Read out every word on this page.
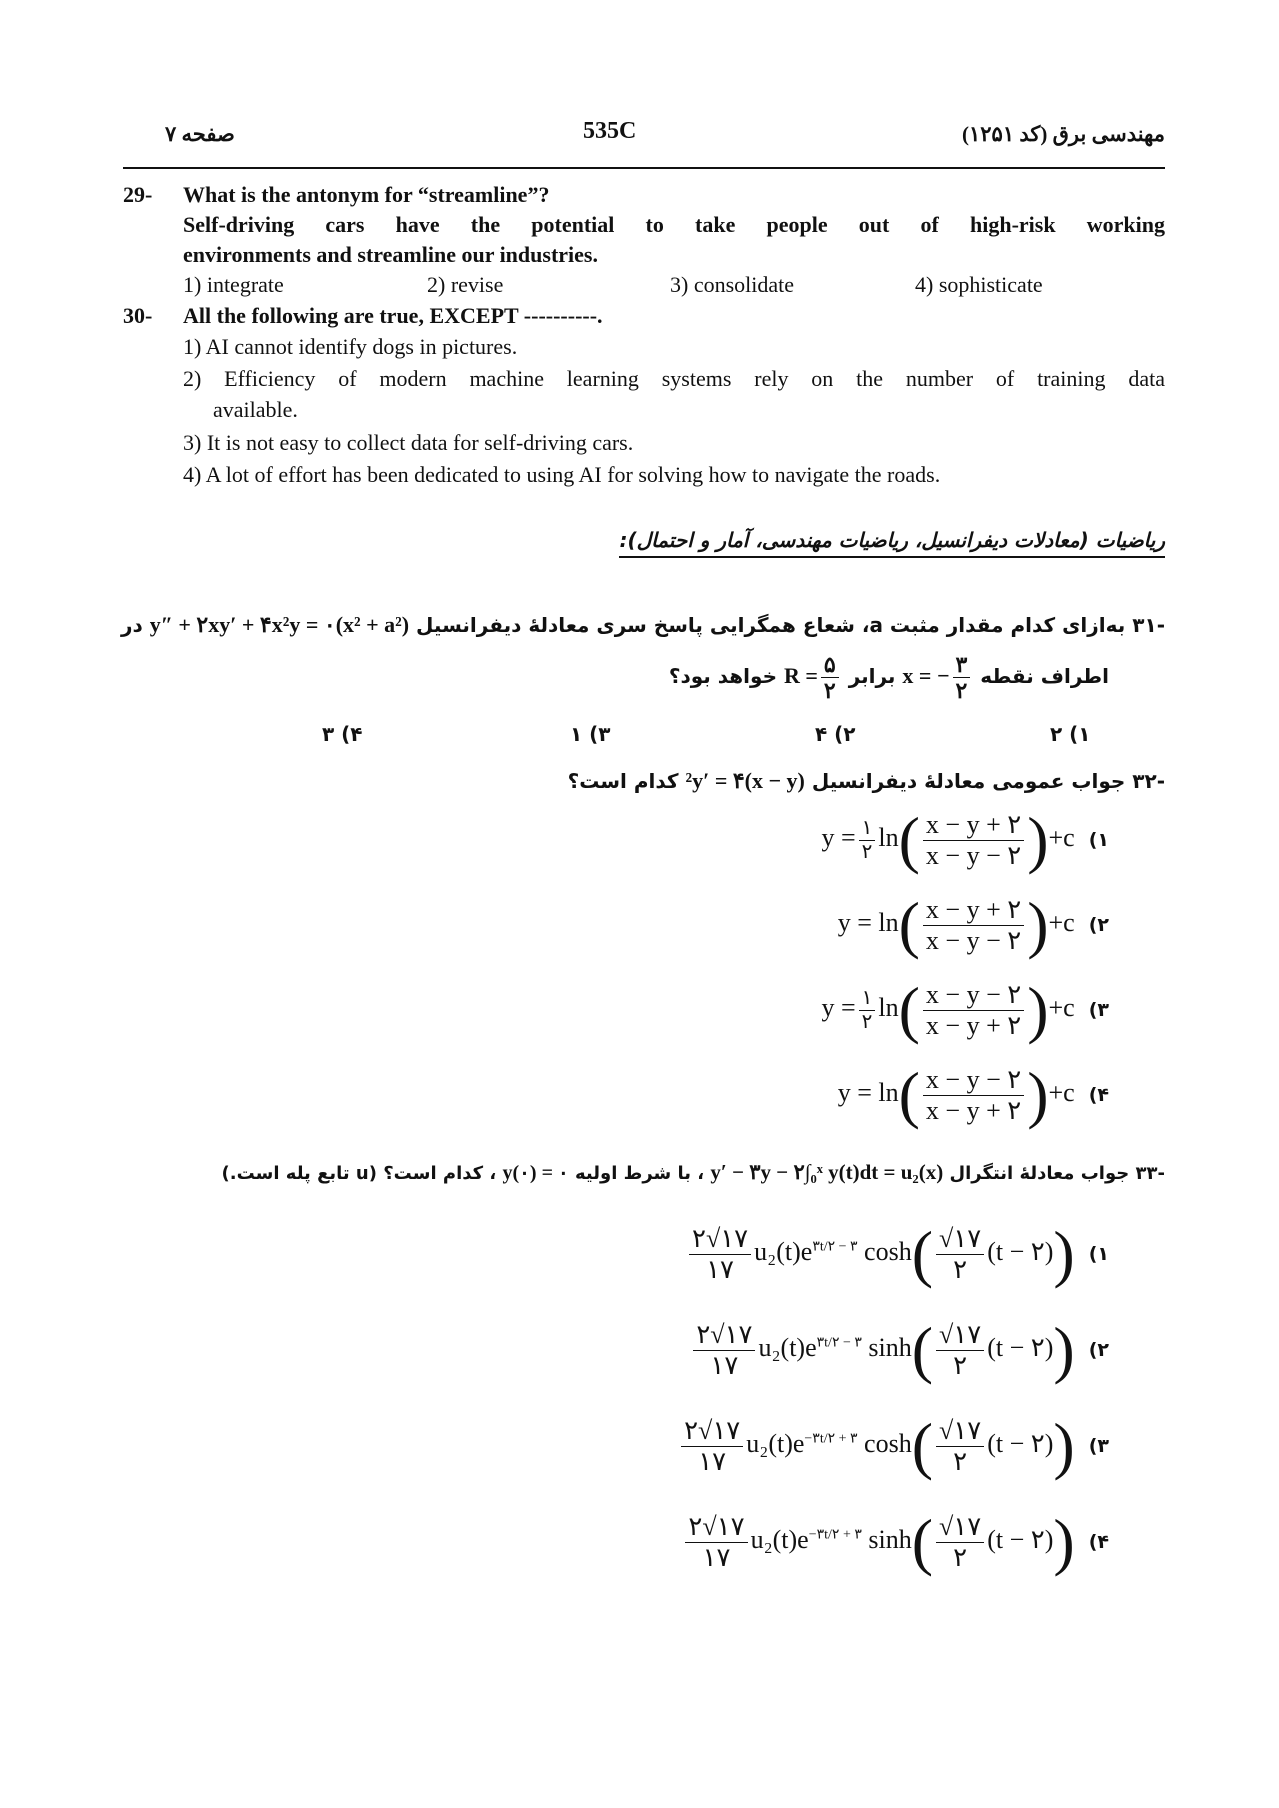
صفحه ۷	535C	مهندسی برق (کد ۱۲۵۱)
29- What is the antonym for “streamline”?
Self-driving cars have the potential to take people out of high-risk working
environments and streamline our industries.
1) integrate	2) revise	3) consolidate	4) sophisticate
30- All the following are true, EXCEPT ----------.
1) AI cannot identify dogs in pictures.
2) Efficiency of modern machine learning systems rely on the number of training data
available.
3) It is not easy to collect data for self-driving cars.
4) A lot of effort has been dedicated to using AI for solving how to navigate the roads.
ریاضیات (معادلات دیفرانسیل، ریاضیات مهندسی، آمار و احتمال):
-۳۱ بەازای کدام مقدار مثبت a، شعاع همگرایی پاسخ سری معادلهٔ دیفرانسیل (x² + a²)y″ + ۲xy′ + ۴x²y = ۰ در
اطراف نقطه x = − $\frac{۳}{۲}$
برابر $R = \frac{۵}{۲}$
خواهد بود؟
۲ (۱
۴ (۲
۱ (۳
۳ (۴
-۳۲ جواب عمومی معادلهٔ دیفرانسیل (x − y)²y′ = ۴ کدام است؟
$y = \frac{۱}{۲} \ln( \frac{x - y + ۲}{x - y - ۲} )+c$ (۱
$y = \ln( \frac{x - y + ۲}{x - y - ۲} )+c$ (۲
$y = \frac{۱}{۲} \ln( \frac{x - y - ۲}{x - y + ۲} )+c$ (۳
$y = \ln( \frac{x - y - ۲}{x - y + ۲} )+c$ (۴
-۳۳ جواب معادلهٔ انتگرال y′ − ۳y − ۲∫₀ˣ y(t)dt = u₂(x) ، با شرط اولیه y(۰) = ۰ ، کدام است؟ (u تابع پله است.)
$\frac{۲√۱۷}{۱۷} u_2(t)e^{۳t/۲ - ۳}$ $\cosh( \frac{√۱۷}{۲} (t$ − ۲)) (۱
$\frac{۲√۱۷}{۱۷} u_2(t)e^{۳t/۲ - ۳}$ $\sinh( \frac{√۱۷}{۲} (t$ − ۲)) (۲
$\frac{۲√۱۷}{۱۷} u_2(t)e^{-۳t/۲ + ۳}$ $\cosh( \frac{√۱۷}{۲} (t$ − ۲)) (۳
$\frac{۲√۱۷}{۱۷} u_2(t)e^{-۳t/۲ + ۳}$ $\sinh( \frac{√۱۷}{۲} (t$ − ۲)) (۴
